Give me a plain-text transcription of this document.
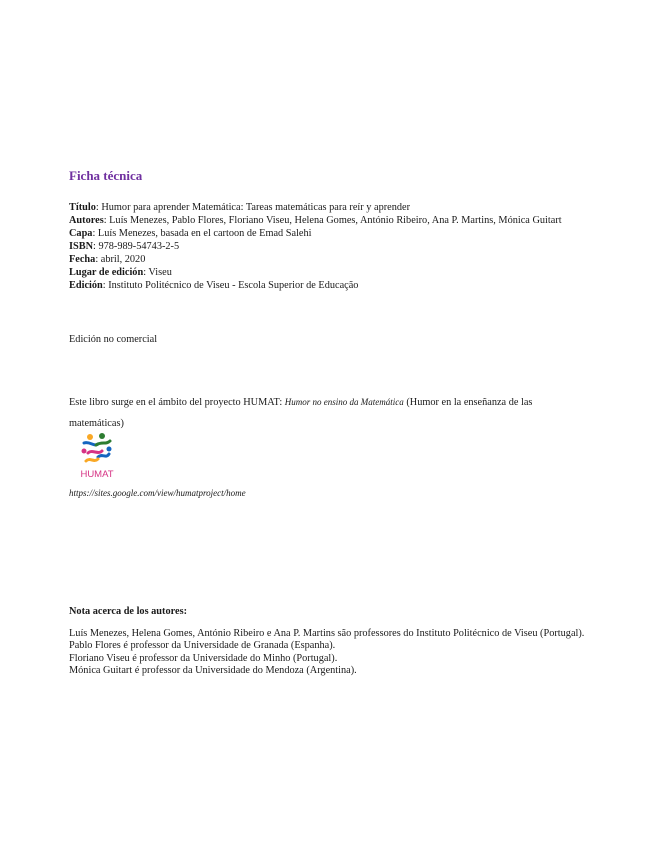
Ficha técnica

Título: Humor para aprender Matemática: Tareas matemáticas para reír y aprender

Autores: Luís Menezes, Pablo Flores, Floriano Viseu, Helena Gomes, António Ribeiro, Ana P. Martins, Mónica Guitart

Capa: Luís Menezes, basada en el cartoon de Emad Salehi

ISBN: 978-989-54743-2-5

Fecha: abril, 2020

Lugar de edición: Viseu

Edición: Instituto Politécnico de Viseu - Escola Superior de Educação

Edición no comercial
Este libro surge en el ámbito del proyecto HUMAT: Humor no ensino da Matemática (Humor en la enseñanza de las matemáticas)
HUMAT
https://sites.google.com/view/humatproject/home
Nota acerca de los autores:

Luís Menezes, Helena Gomes, António Ribeiro e Ana P. Martins são professores do Instituto Politécnico de Viseu (Portugal).

Pablo Flores é professor da Universidade de Granada (Espanha).

Floriano Viseu é professor da Universidade do Minho (Portugal).

Mónica Guitart é professor da Universidade do Mendoza (Argentina).
